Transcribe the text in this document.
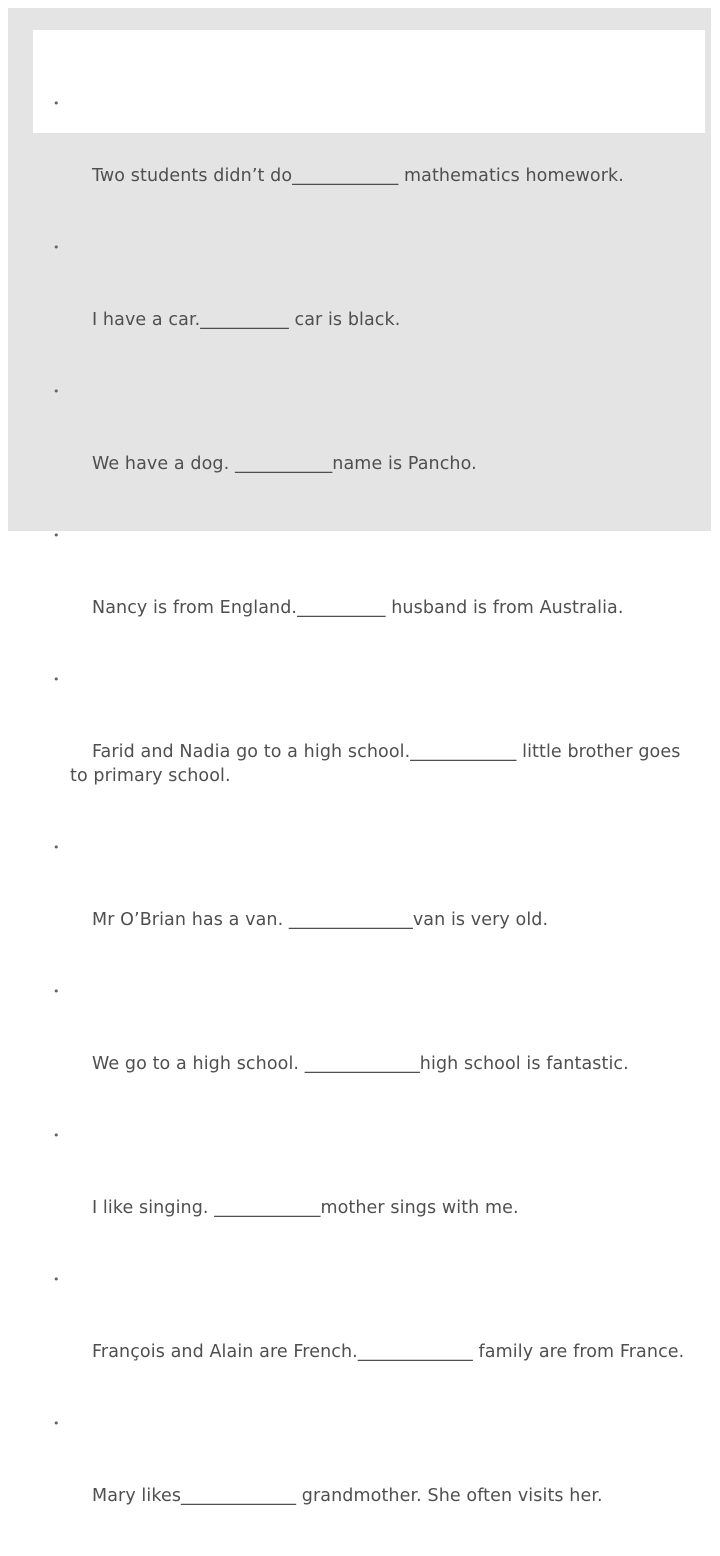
•

Two students didn’t do____________ mathematics homework.

•

I have a car.__________ car is black.

•

We have a dog. ___________name is Pancho.

•

Nancy is from England.__________ husband is from Australia.

•

Farid and Nadia go to a high school.____________ little brother goes to primary school.

•

Mr O’Brian has a van. ______________van is very old.

•

We go to a high school. _____________high school is fantastic.

•

I like singing. ____________mother sings with me.

•

François and Alain are French._____________ family are from France.

•

Mary likes_____________ grandmother. She often visits her.
